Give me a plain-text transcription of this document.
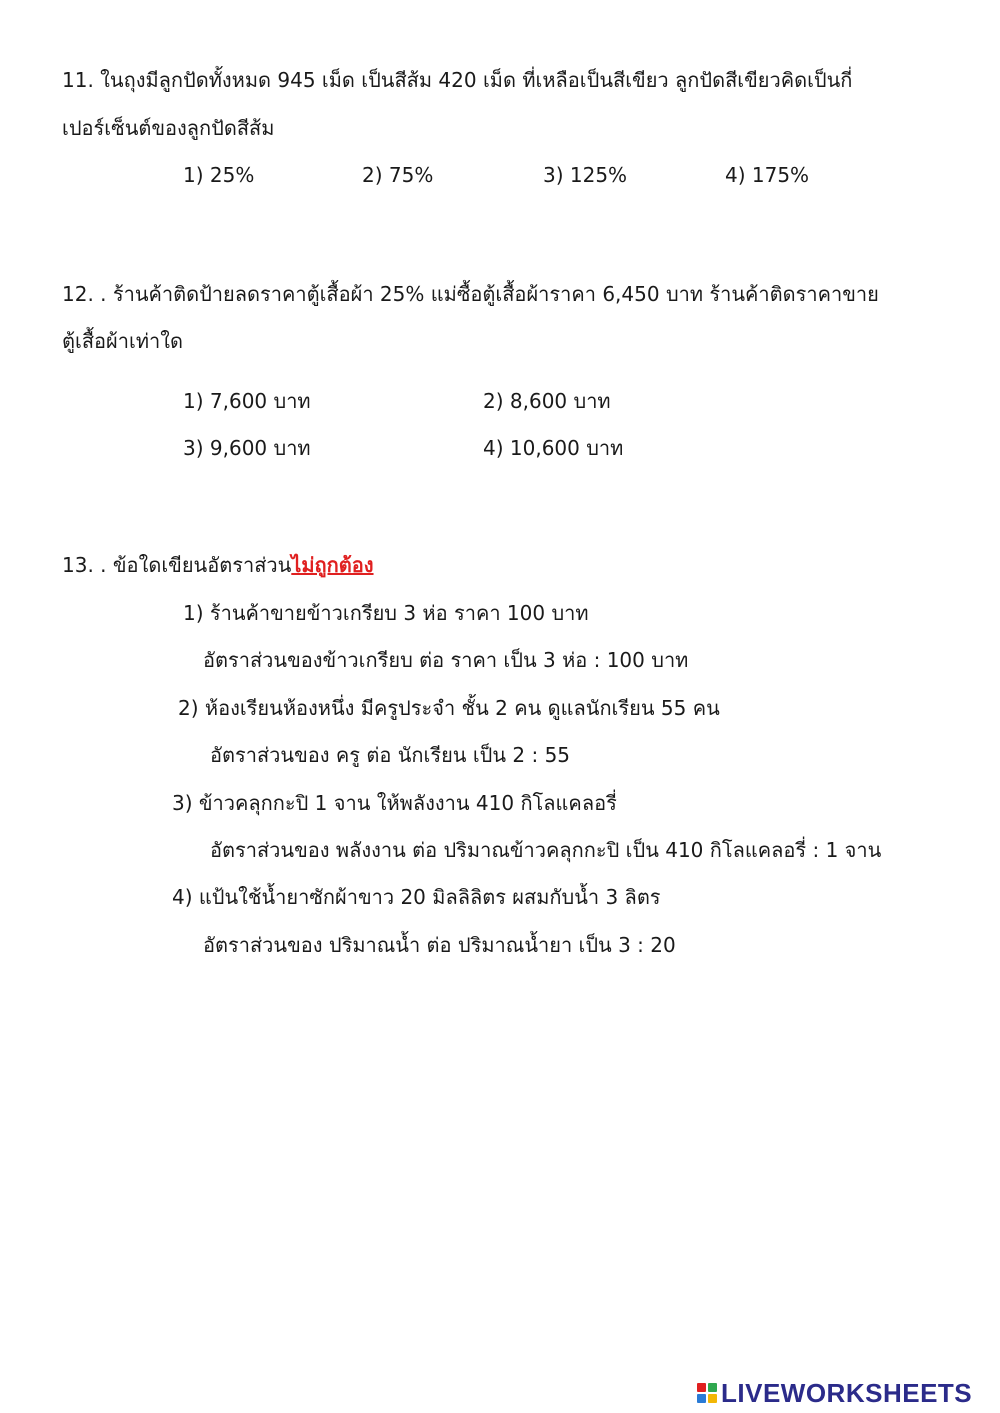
11. ในถุงมีลูกปัดทั้งหมด 945 เม็ด เป็นสีส้ม 420 เม็ด ที่เหลือเป็นสีเขียว ลูกปัดสีเขียวคิดเป็นกี่
เปอร์เซ็นต์ของลูกปัดสีส้ม
1) 25%	2) 75%	3) 125%	4) 175%
12. . ร้านค้าติดป้ายลดราคาตู้เสื้อผ้า 25% แม่ซื้อตู้เสื้อผ้าราคา 6,450 บาท ร้านค้าติดราคาขาย
ตู้เสื้อผ้าเท่าใด
1) 7,600 บาท	2) 8,600 บาท
3) 9,600 บาท	4) 10,600 บาท
13. . ข้อใดเขียนอัตราส่วนไม่ถูกต้อง
1) ร้านค้าขายข้าวเกรียบ 3 ห่อ ราคา 100 บาท
อัตราส่วนของข้าวเกรียบ ต่อ ราคา เป็น 3 ห่อ : 100 บาท
2) ห้องเรียนห้องหนึ่ง มีครูประจำ ชั้น 2 คน ดูแลนักเรียน 55 คน
อัตราส่วนของ ครู ต่อ นักเรียน เป็น 2 : 55
3) ข้าวคลุกกะปิ 1 จาน ให้พลังงาน 410 กิโลแคลอรี่
อัตราส่วนของ พลังงาน ต่อ ปริมาณข้าวคลุกกะปิ เป็น 410 กิโลแคลอรี่ : 1 จาน
4) แป้นใช้น้ำยาซักผ้าขาว 20 มิลลิลิตร ผสมกับน้ำ 3 ลิตร
อัตราส่วนของ ปริมาณน้ำ ต่อ ปริมาณน้ำยา เป็น 3 : 20
LIVEWORKSHEETS
